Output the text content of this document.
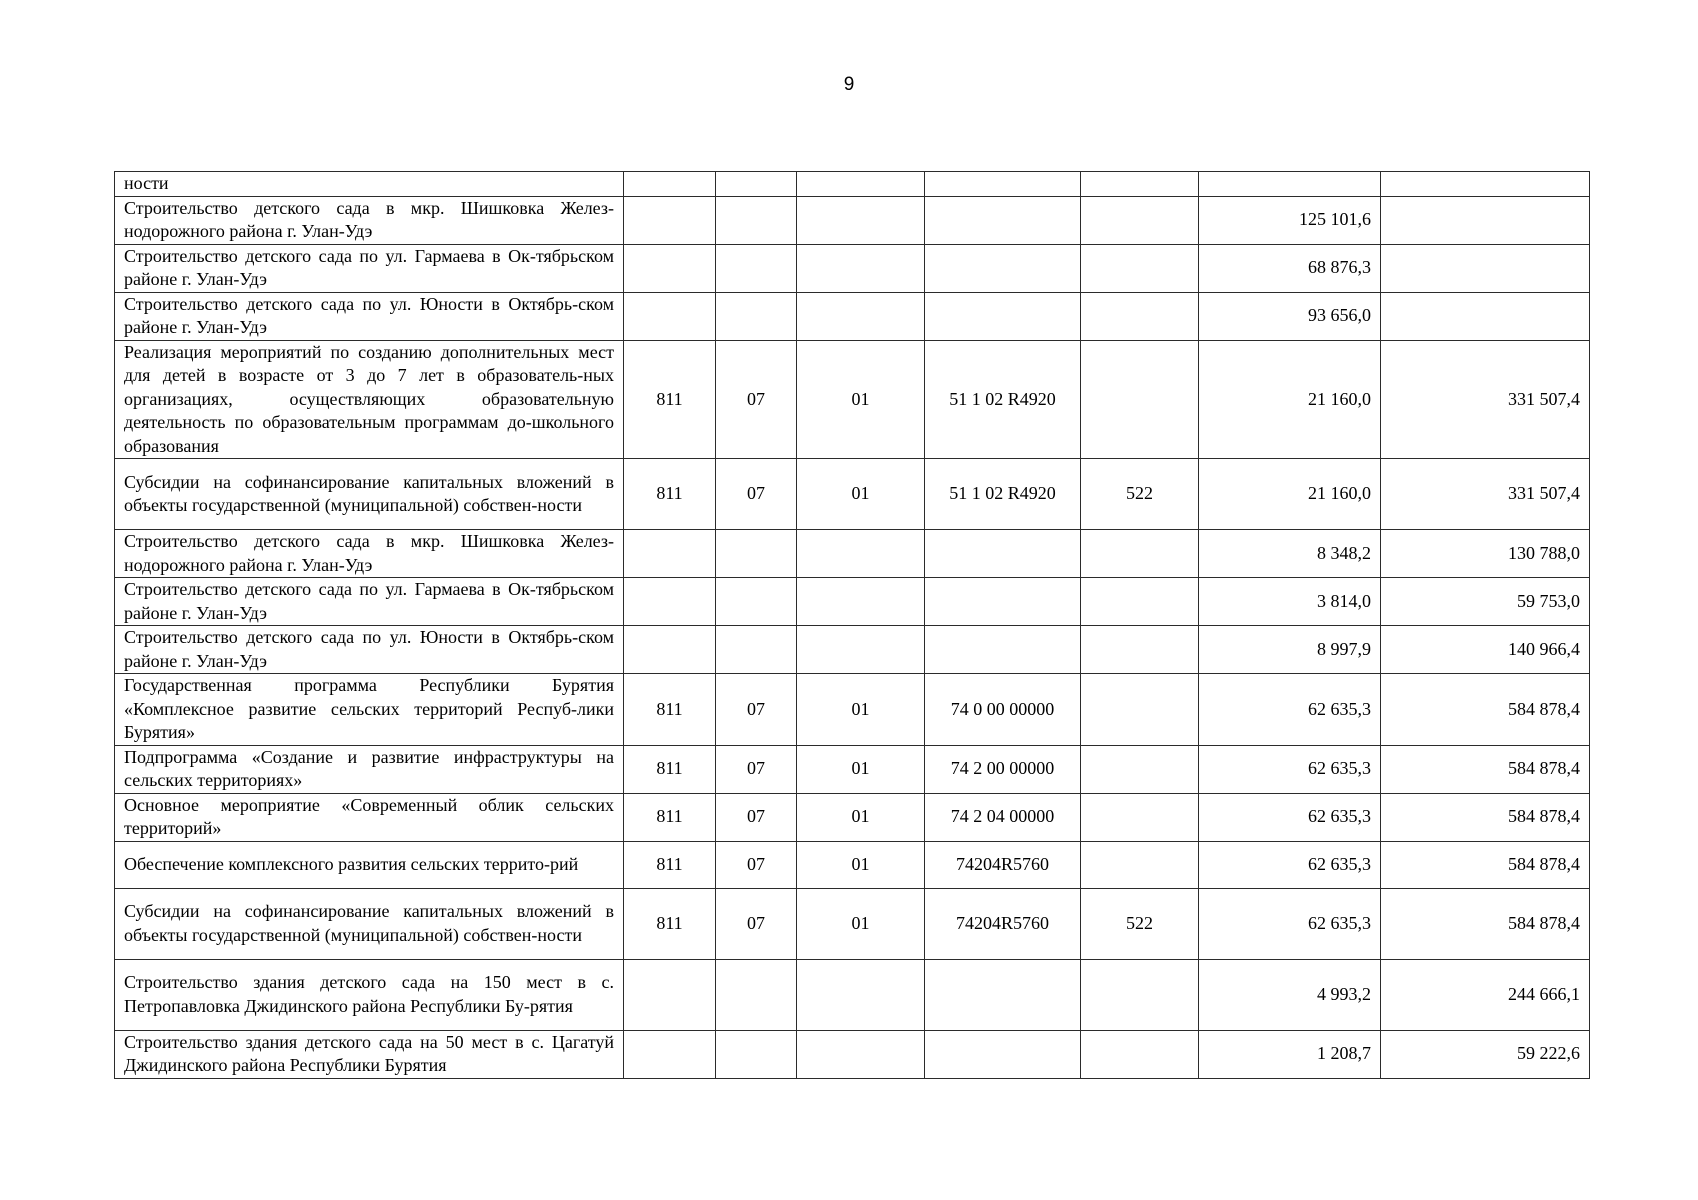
9
ности							
Строительство детского сада в мкр. Шишковка Желез-нодорожного района г. Улан-Удэ						125 101,6	
Строительство детского сада по ул. Гармаева в Ок-тябрьском районе г. Улан-Удэ						68 876,3	
Строительство детского сада по ул. Юности в Октябрь-ском районе г. Улан-Удэ						93 656,0	
Реализация мероприятий по созданию дополнительных мест для детей в возрасте от 3 до 7 лет в образователь-ных организациях, осуществляющих образовательную деятельность по образовательным программам до-школьного образования	811	07	01	51 1 02 R4920		21 160,0	331 507,4
Субсидии на софинансирование капитальных вложений в объекты государственной (муниципальной) собствен-ности	811	07	01	51 1 02 R4920	522	21 160,0	331 507,4
Строительство детского сада в мкр. Шишковка Желез-нодорожного района г. Улан-Удэ						8 348,2	130 788,0
Строительство детского сада по ул. Гармаева в Ок-тябрьском районе г. Улан-Удэ						3 814,0	59 753,0
Строительство детского сада по ул. Юности в Октябрь-ском районе г. Улан-Удэ						8 997,9	140 966,4
Государственная программа Республики Бурятия «Комплексное развитие сельских территорий Респуб-лики Бурятия»	811	07	01	74 0 00 00000		62 635,3	584 878,4
Подпрограмма «Создание и развитие инфраструктуры на сельских территориях»	811	07	01	74 2 00 00000		62 635,3	584 878,4
Основное мероприятие «Современный облик сельских территорий»	811	07	01	74 2 04 00000		62 635,3	584 878,4
Обеспечение комплексного развития сельских террито-рий	811	07	01	74204R5760		62 635,3	584 878,4
Субсидии на софинансирование капитальных вложений в объекты государственной (муниципальной) собствен-ности	811	07	01	74204R5760	522	62 635,3	584 878,4
Строительство здания детского сада на 150 мест в с. Петропавловка Джидинского района Республики Бу-рятия						4 993,2	244 666,1
Строительство здания детского сада на 50 мест в с. Цагатуй Джидинского района Республики Бурятия						1 208,7	59 222,6
